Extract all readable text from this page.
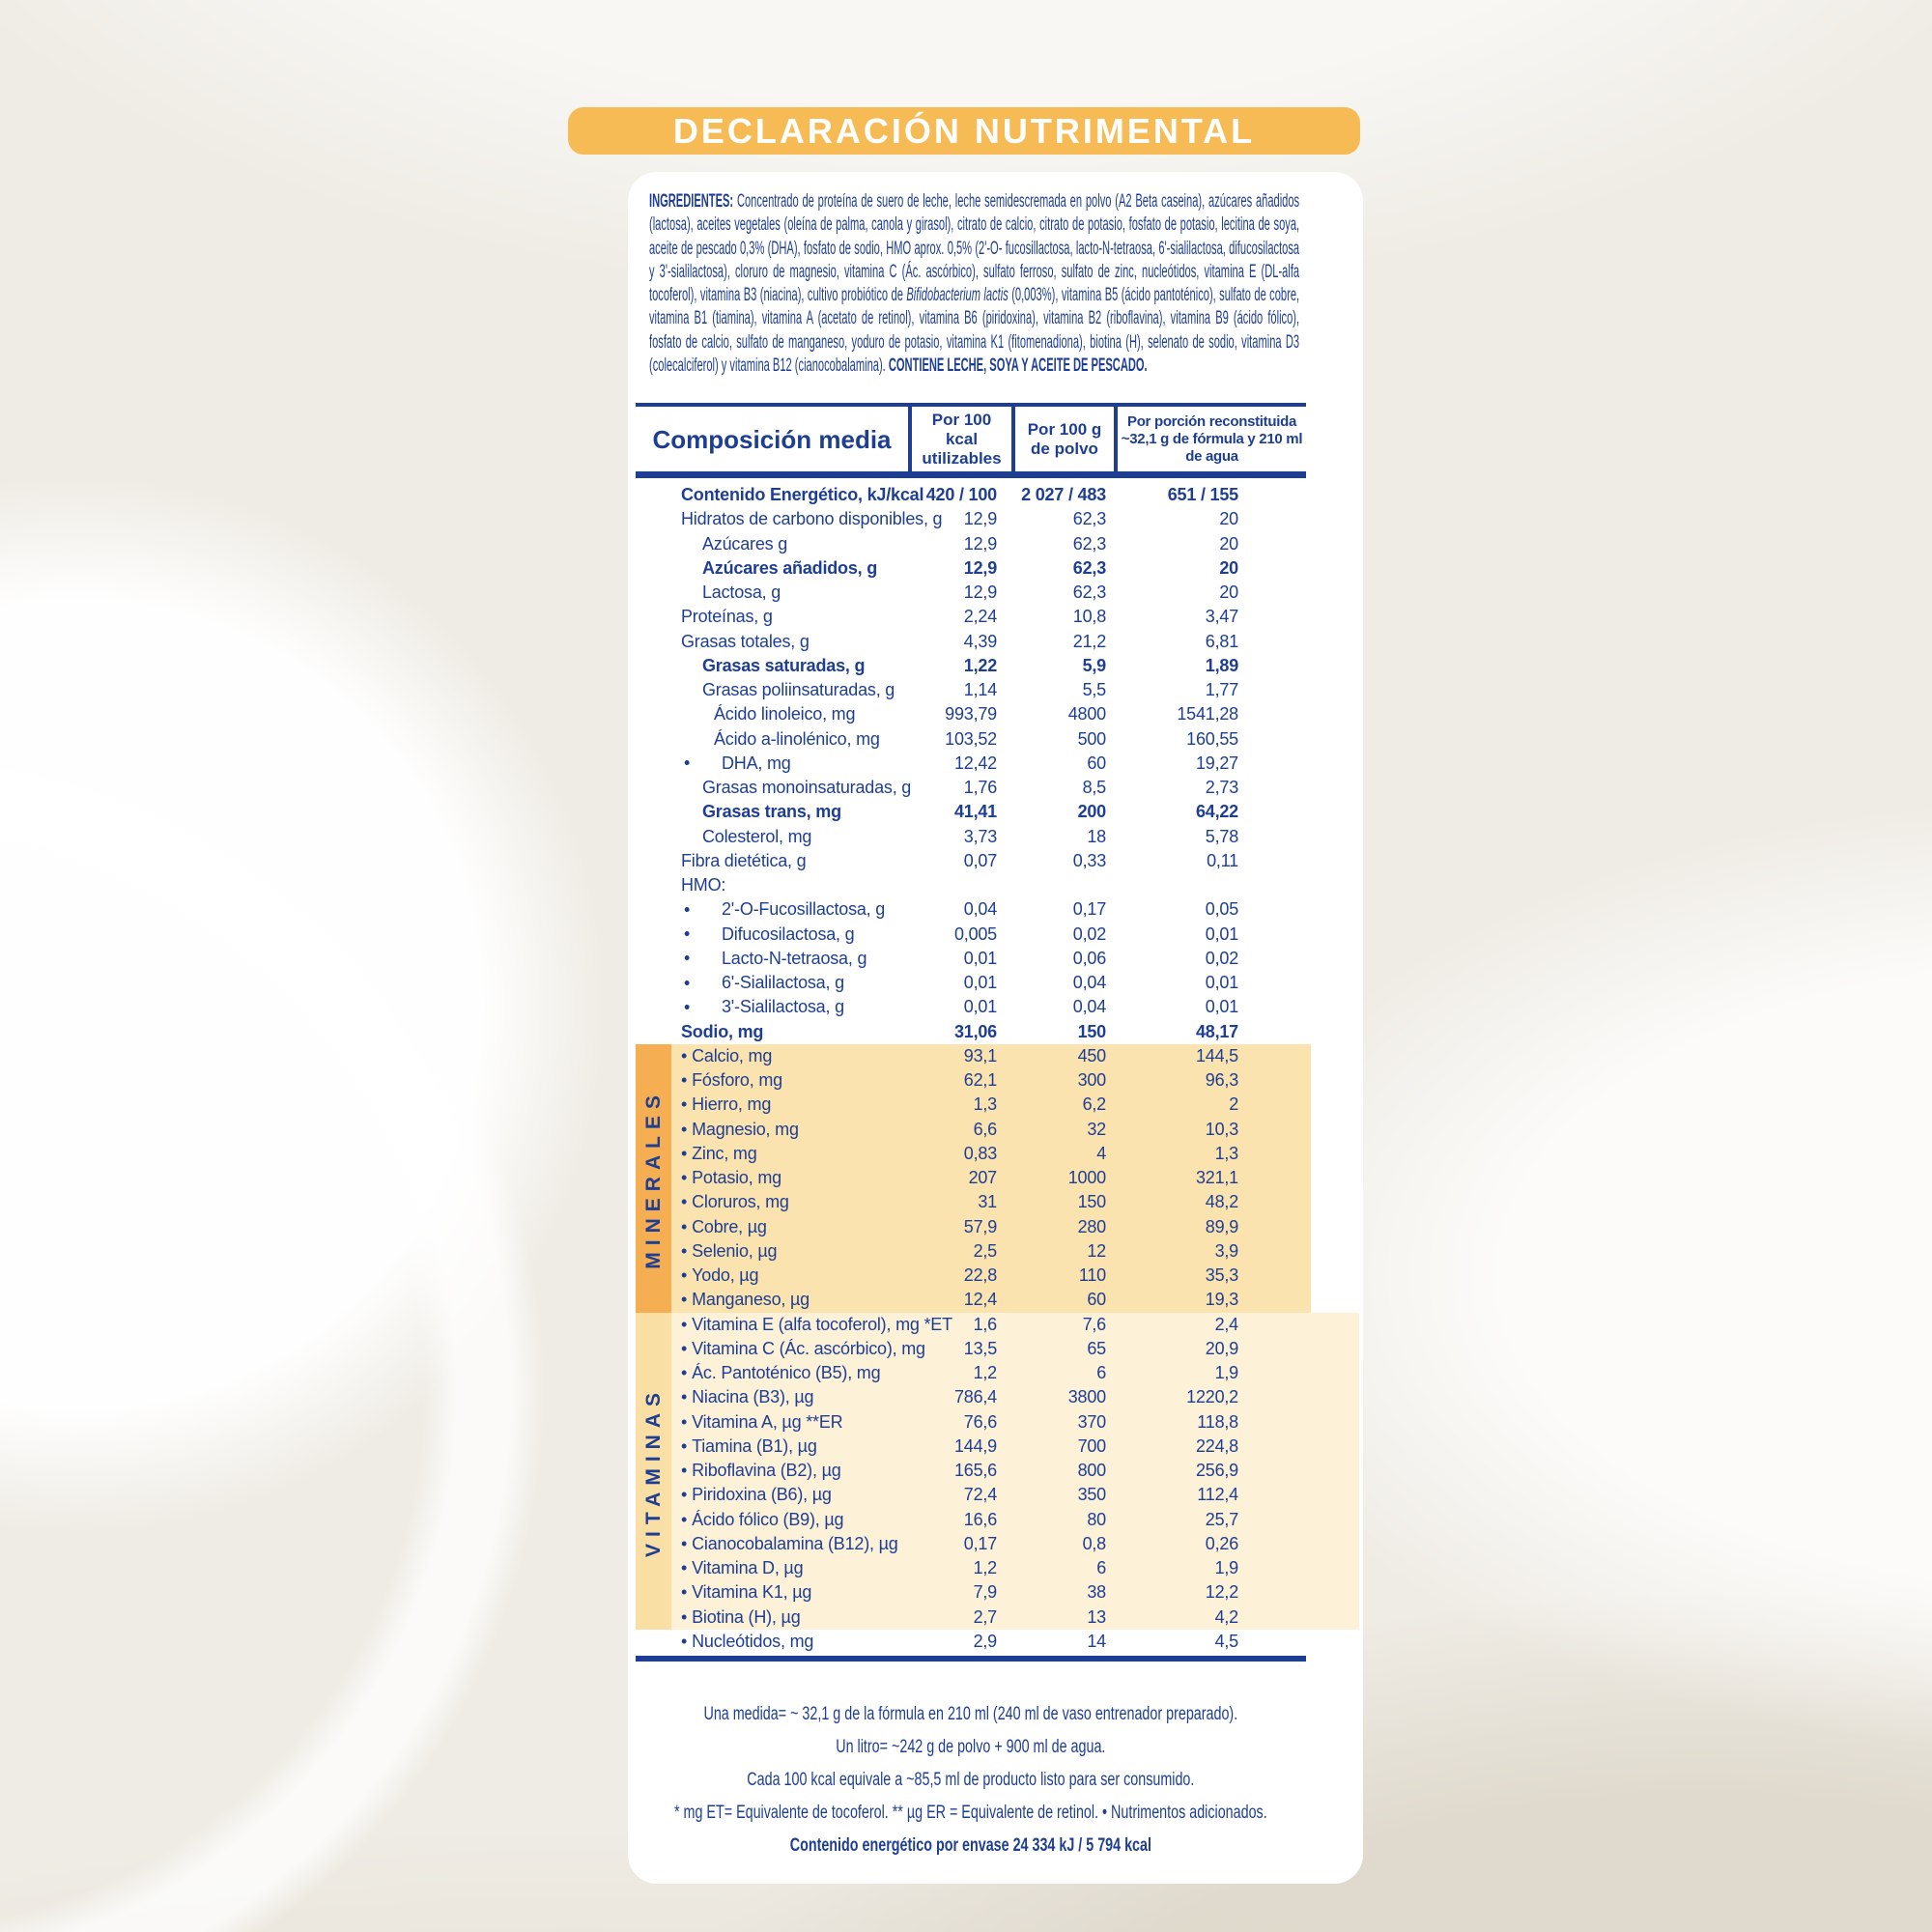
DECLARACIÓN NUTRIMENTAL
INGREDIENTES: Concentrado de proteína de suero de leche, leche semidescremada en polvo (A2 Beta caseina), azúcares añadidos (lactosa), aceites vegetales (oleína de palma, canola y girasol), citrato de calcio, citrato de potasio, fosfato de potasio, lecitina de soya, aceite de pescado 0,3% (DHA), fosfato de sodio, HMO aprox. 0,5% (2'-O- fucosillactosa, lacto-N-tetraosa, 6'-sialilactosa, difucosilactosa y 3'-sialilactosa), cloruro de magnesio, vitamina C (Ác. ascórbico), sulfato ferroso, sulfato de zinc, nucleótidos, vitamina E (DL-alfa tocoferol), vitamina B3 (niacina), cultivo probiótico de Bifidobacterium lactis (0,003%), vitamina B5 (ácido pantoténico), sulfato de cobre, vitamina B1 (tiamina), vitamina A (acetato de retinol), vitamina B6 (piridoxina), vitamina B2 (riboflavina), vitamina B9 (ácido fólico), fosfato de calcio, sulfato de manganeso, yoduro de potasio, vitamina K1 (fitomenadiona), biotina (H), selenato de sodio, vitamina D3 (colecalciferol) y vitamina B12 (cianocobalamina). CONTIENE LECHE, SOYA Y ACEITE DE PESCADO.
Composición media
Por 100 kcal utilizables
Por 100 g de polvo
Por porción reconstituida ~32,1 g de fórmula y 210 ml de agua
MINERALES
VITAMINAS
Contenido Energético, kJ/kcal 420 / 100	2 027 / 483	651 / 155
Hidratos de carbono disponibles, g	12,9	62,3	20
Azúcares g	12,9	62,3	20
Azúcares añadidos, g	12,9	62,3	20
Lactosa, g	12,9	62,3	20
Proteínas, g	2,24	10,8	3,47
Grasas totales, g	4,39	21,2	6,81
Grasas saturadas, g	1,22	5,9	1,89
Grasas poliinsaturadas, g	1,14	5,5	1,77
Ácido linoleico, mg	993,79	4800	1541,28
Ácido a-linolénico, mg	103,52	500	160,55
• DHA, mg	12,42	60	19,27
Grasas monoinsaturadas, g	1,76	8,5	2,73
Grasas trans, mg	41,41	200	64,22
Colesterol, mg	3,73	18	5,78
Fibra dietética, g	0,07	0,33	0,11
HMO:
• 2'-O-Fucosillactosa, g	0,04	0,17	0,05
• Difucosilactosa, g	0,005	0,02	0,01
• Lacto-N-tetraosa, g	0,01	0,06	0,02
• 6'-Sialilactosa, g	0,01	0,04	0,01
• 3'-Sialilactosa, g	0,01	0,04	0,01
Sodio, mg	31,06	150	48,17
• Calcio, mg	93,1	450	144,5
• Fósforo, mg	62,1	300	96,3
• Hierro, mg	1,3	6,2	2
• Magnesio, mg	6,6	32	10,3
• Zinc, mg	0,83	4	1,3
• Potasio, mg	207	1000	321,1
• Cloruros, mg	31	150	48,2
• Cobre, µg	57,9	280	89,9
• Selenio, µg	2,5	12	3,9
• Yodo, µg	22,8	110	35,3
• Manganeso, µg	12,4	60	19,3
• Vitamina E (alfa tocoferol), mg *ET	1,6	7,6	2,4
• Vitamina C (Ác. ascórbico), mg	13,5	65	20,9
• Ác. Pantoténico (B5), mg	1,2	6	1,9
• Niacina (B3), µg	786,4	3800	1220,2
• Vitamina A, µg **ER	76,6	370	118,8
• Tiamina (B1), µg	144,9	700	224,8
• Riboflavina (B2), µg	165,6	800	256,9
• Piridoxina (B6), µg	72,4	350	112,4
• Ácido fólico (B9), µg	16,6	80	25,7
• Cianocobalamina (B12), µg	0,17	0,8	0,26
• Vitamina D, µg	1,2	6	1,9
• Vitamina K1, µg	7,9	38	12,2
• Biotina (H), µg	2,7	13	4,2
• Nucleótidos, mg	2,9	14	4,5
Una medida= ~ 32,1 g de la fórmula en 210 ml (240 ml de vaso entrenador preparado).
Un litro= ~242 g de polvo + 900 ml de agua.
Cada 100 kcal equivale a ~85,5 ml de producto listo para ser consumido.
* mg ET= Equivalente de tocoferol. ** µg ER = Equivalente de retinol. • Nutrimentos adicionados.
Contenido energético por envase 24 334 kJ / 5 794 kcal
